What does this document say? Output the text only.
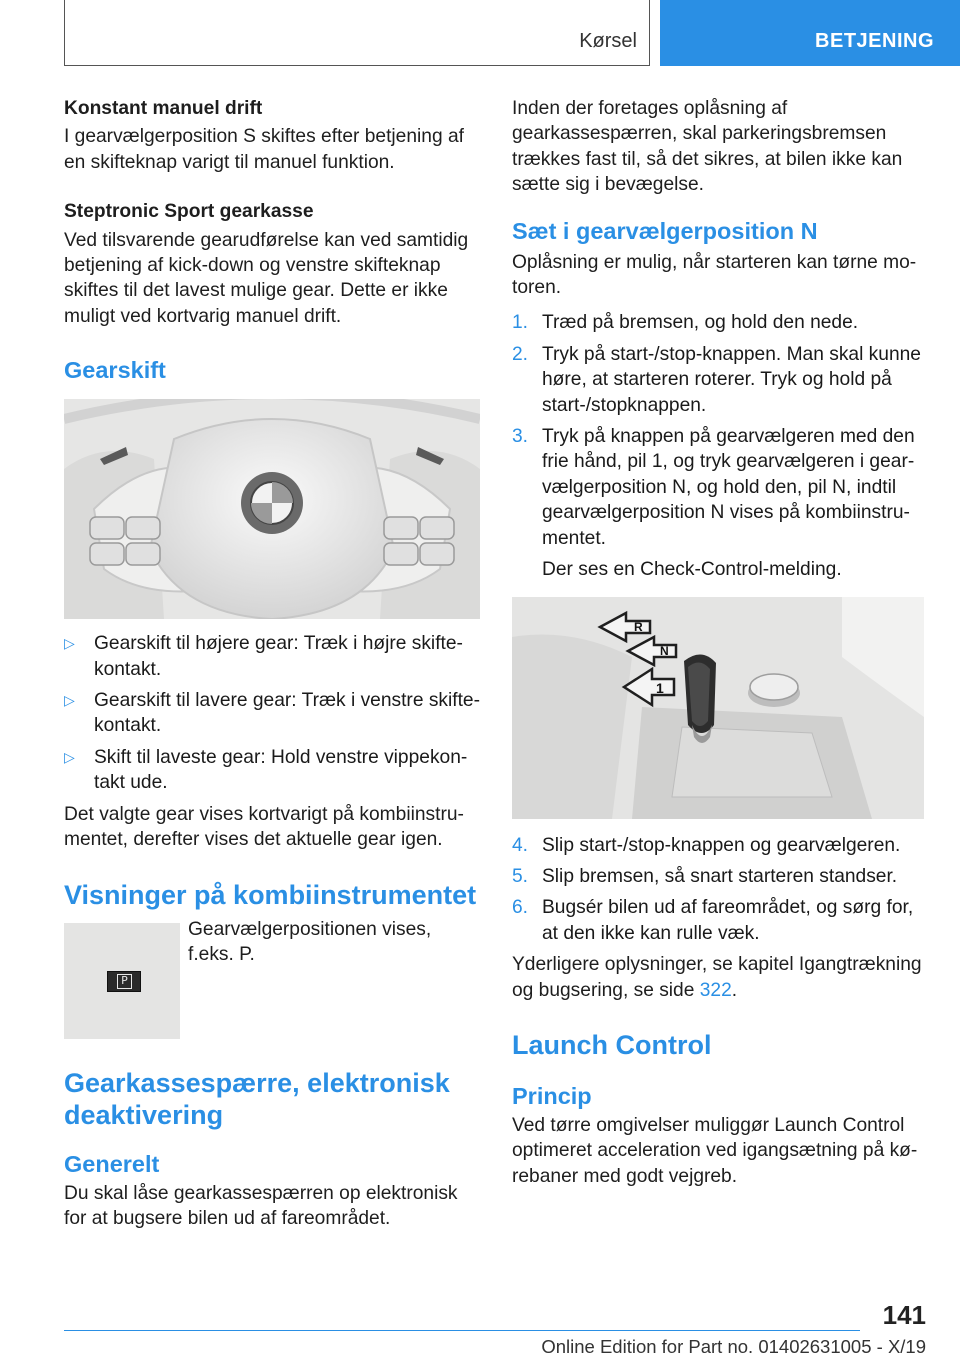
Kørsel	BETJENING
Konstant manuel drift
I gearvælgerposition S skiftes efter betjening af en skifteknap varigt til manuel funktion.
Steptronic Sport gearkasse
Ved tilsvarende gearudførelse kan ved samtidig betjening af kick-down og venstre skifteknap skiftes til det lavest mulige gear. Dette er ikke muligt ved kortvarig manuel drift.
Gearskift
▷ Gearskift til højere gear: Træk i højre skiftekontakt.
▷ Gearskift til lavere gear: Træk i venstre skiftekontakt.
▷ Skift til laveste gear: Hold venstre vippekontakt ude.
Det valgte gear vises kortvarigt på kombiinstrumentet, derefter vises det aktuelle gear igen.
Visninger på kombiinstrumentet
P
Gearvælgerpositionen vises, f.eks. P.
Gearkassespærre, elektronisk deaktivering
Generelt
Du skal låse gearkassespærren op elektronisk for at bugsere bilen ud af fareområdet.
Inden der foretages oplåsning af gearkassespærren, skal parkeringsbremsen trækkes fast til, så det sikres, at bilen ikke kan sætte sig i bevægelse.
Sæt i gearvælgerposition N
Oplåsning er mulig, når starteren kan tørne motoren.
1. Træd på bremsen, og hold den nede.
2. Tryk på start-/stop-knappen. Man skal kunne høre, at starteren roterer. Tryk og hold på start-/stopknappen.
3. Tryk på knappen på gearvælgeren med den frie hånd, pil 1, og tryk gearvælgeren i gearvælgerposition N, og hold den, pil N, indtil gearvælgerposition N vises på kombiinstrumentet.
Der ses en Check-Control-melding.
R
N
1
4. Slip start-/stop-knappen og gearvælgeren.
5. Slip bremsen, så snart starteren standser.
6. Bugsér bilen ud af fareområdet, og sørg for, at den ikke kan rulle væk.
Yderligere oplysninger, se kapitel Igangtrækning og bugsering, se side 322.
Launch Control
Princip
Ved tørre omgivelser muliggør Launch Control optimeret acceleration ved igangsætning på kørebaner med godt vejgreb.
141
Online Edition for Part no. 01402631005 - X/19
